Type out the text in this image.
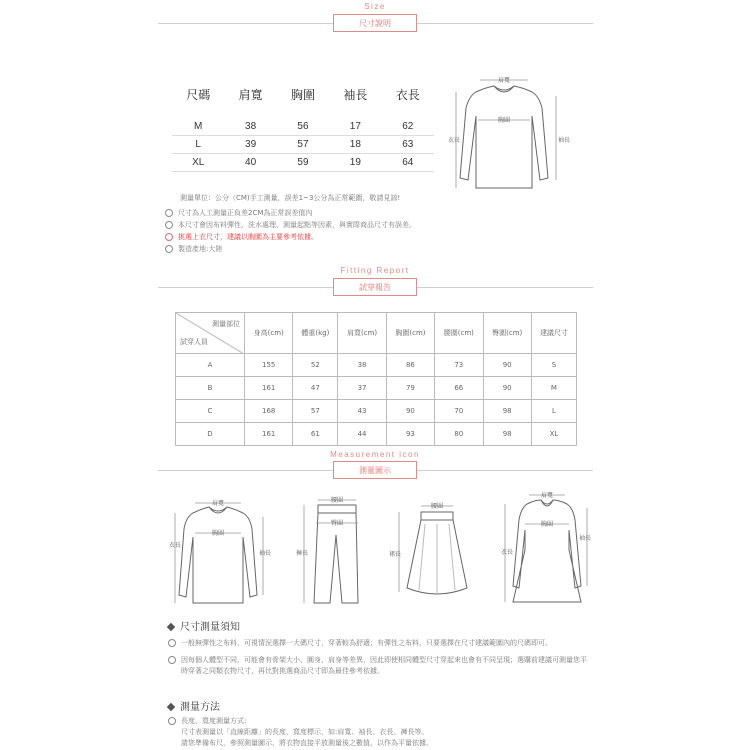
Size
尺寸說明
尺碼	肩寬	胸圍	袖長	衣長

M	38	56	17	62
L	39	57	18	63
XL	40	59	19	64
肩寬
胸圍
衣長	袖長
測量單位：公分（CM)手工測量，誤差1~3公分為正常範圍，敬請見諒!
尺寸為人工測量正負差2CM為正常誤差值內
本尺寸會因布料彈性、洗水處理、測量起點等因素，與實際商品尺寸有誤差。
挑選上衣尺寸，建議以胸圍為主要參考依據。
製造產地:大陸
Fitting Report
試穿報告
測量部位
試穿人員	身高(cm)	體重(kg)	肩寬(cm)	胸圍(cm)	腰圍(cm)	臀圍(cm)	建議尺寸
A	155	52	38	86	73	90	S
B	161	47	37	79	66	90	M
C	168	57	43	90	70	98	L
D	161	61	44	93	80	98	XL
Measurement icon
測量圖示
肩寬
胸圍
衣長
袖長
腰圍
臀圍
褲長
腰圍
裙長
肩寬
胸圍
衣長
袖長
尺寸測量須知
一般無彈性之布料，可視情況選擇一大碼尺寸，穿著較為舒適；有彈性之布料，只要選擇在尺寸建議範圍內的尺碼即可。
因每個人體型不同，可能會有骨架大小、圓身、肩身等差異，因此即使相同體型尺寸穿起來也會有不同呈現；選購前建議可測量您平時穿著之同類衣物尺寸，再比對挑選商品尺寸即為最佳參考依據。
測量方法
長度、寬度測量方式:
尺寸表測量以「直線距離」的長度，寬度標示，如:肩寬、袖長、衣長、褲長等。
請您準備布尺，參照測量圖示，將衣物直接平放測量後之數值，以作為平量依據。
